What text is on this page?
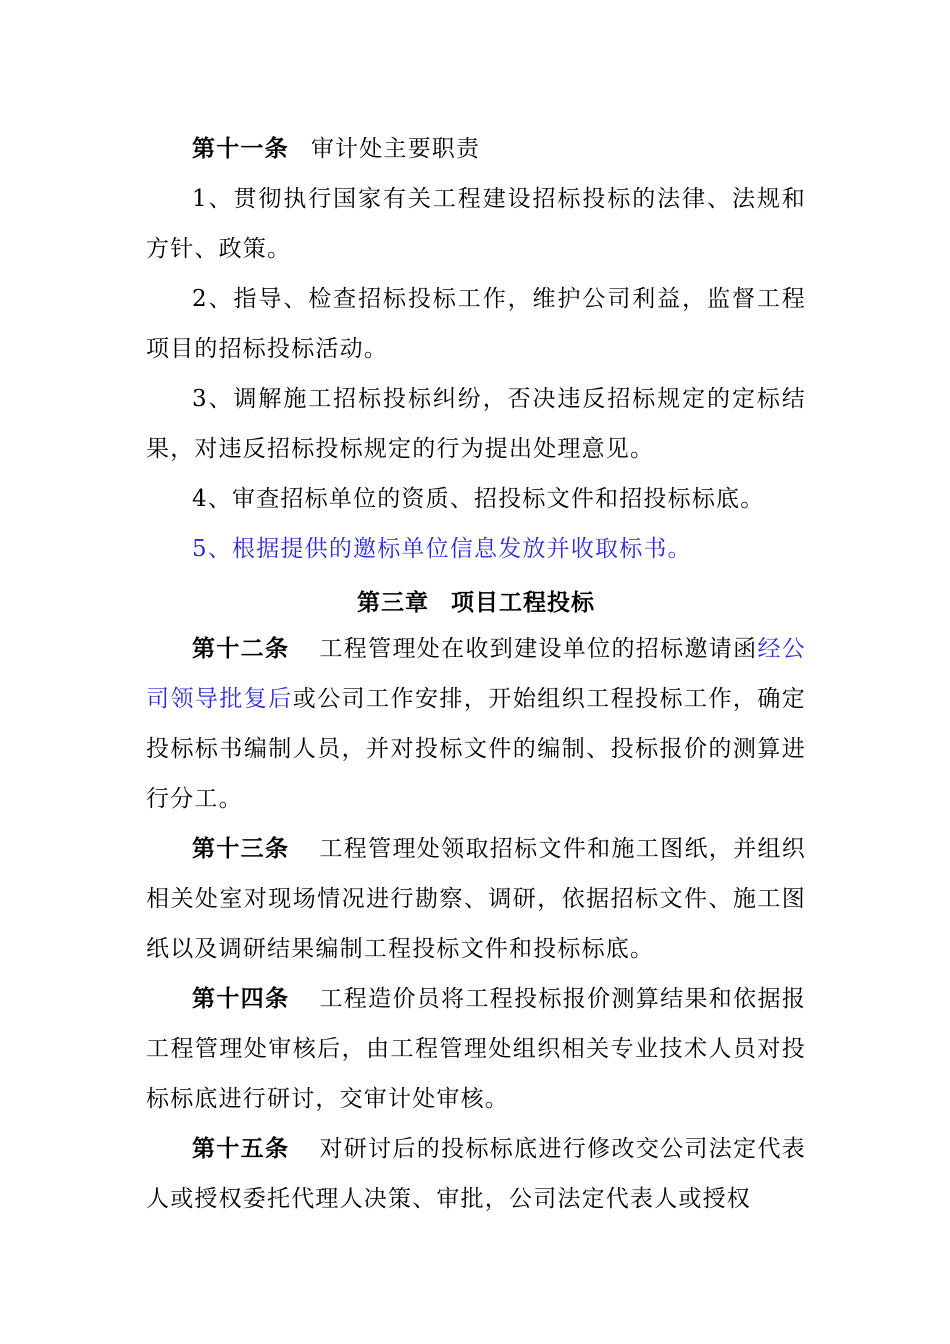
第十一条 审计处主要职责
1、贯彻执行国家有关工程建设招标投标的法律、法规和方针、政策。
2、指导、检查招标投标工作，维护公司利益，监督工程项目的招标投标活动。
3、调解施工招标投标纠纷，否决违反招标规定的定标结果，对违反招标投标规定的行为提出处理意见。
4、审查招标单位的资质、招投标文件和招投标标底。
5、根据提供的邀标单位信息发放并收取标书。
第三章 项目工程投标
第十二条 工程管理处在收到建设单位的招标邀请函经公司领导批复后或公司工作安排，开始组织工程投标工作，确定投标标书编制人员，并对投标文件的编制、投标报价的测算进行分工。
第十三条 工程管理处领取招标文件和施工图纸，并组织相关处室对现场情况进行勘察、调研，依据招标文件、施工图纸以及调研结果编制工程投标文件和投标标底。
第十四条 工程造价员将工程投标报价测算结果和依据报工程管理处审核后，由工程管理处组织相关专业技术人员对投标标底进行研讨，交审计处审核。
第十五条 对研讨后的投标标底进行修改交公司法定代表人或授权委托代理人决策、审批，公司法定代表人或授权
